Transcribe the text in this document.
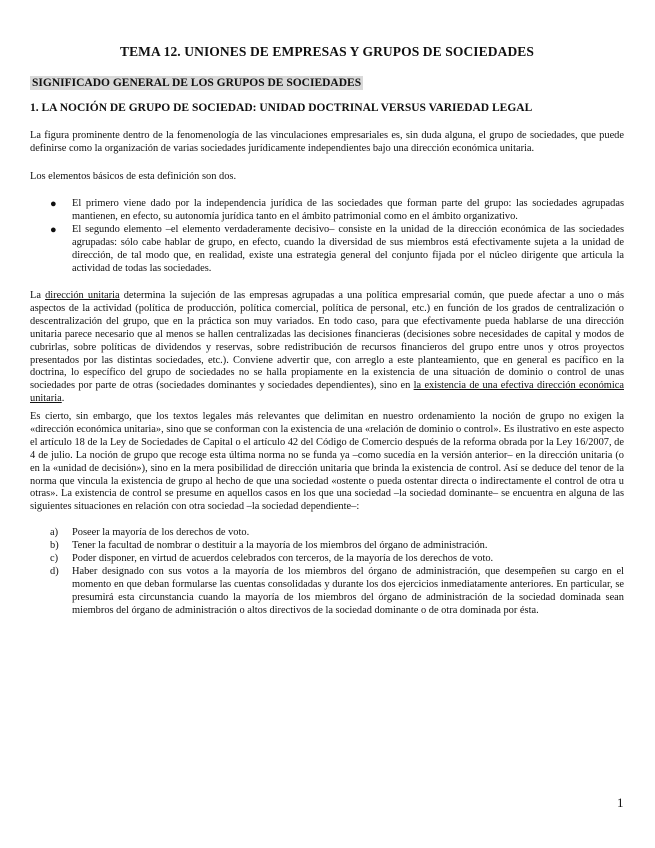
TEMA 12. UNIONES DE EMPRESAS Y GRUPOS DE SOCIEDADES
SIGNIFICADO GENERAL DE LOS GRUPOS DE SOCIEDADES
1. LA NOCIÓN DE GRUPO DE SOCIEDAD: UNIDAD DOCTRINAL VERSUS VARIEDAD LEGAL

La figura prominente dentro de la fenomenología de las vinculaciones empresariales es, sin duda alguna, el grupo de sociedades, que puede definirse como la organización de varias sociedades jurídicamente independientes bajo una dirección económica unitaria.

Los elementos básicos de esta definición son dos.

● El primero viene dado por la independencia jurídica de las sociedades que forman parte del grupo: las sociedades agrupadas mantienen, en efecto, su autonomía jurídica tanto en el ámbito patrimonial como en el ámbito organizativo.

● El segundo elemento –el elemento verdaderamente decisivo– consiste en la unidad de la dirección económica de las sociedades agrupadas: sólo cabe hablar de grupo, en efecto, cuando la diversidad de sus miembros está efectivamente sujeta a la unidad de dirección, de tal modo que, en realidad, existe una estrategia general del conjunto fijada por el núcleo dirigente que articula la actividad de todas las sociedades.

La dirección unitaria determina la sujeción de las empresas agrupadas a una política empresarial común, que puede afectar a uno o más aspectos de la actividad (política de producción, política comercial, política de personal, etc.) en función de los grados de centralización o descentralización del grupo, que en la práctica son muy variados. En todo caso, para que efectivamente pueda hablarse de una dirección unitaria parece necesario que al menos se hallen centralizadas las decisiones financieras (decisiones sobre necesidades de capital y modos de cubrirlas, sobre políticas de dividendos y reservas, sobre redistribución de recursos financieros del grupo entre unos y otros proyectos presentados por las distintas sociedades, etc.). Conviene advertir que, con arreglo a este planteamiento, que en general es pacífico en la doctrina, lo específico del grupo de sociedades no se halla propiamente en la existencia de una situación de dominio o control de unas sociedades por parte de otras (sociedades dominantes y sociedades dependientes), sino en la existencia de una efectiva dirección económica unitaria.

Es cierto, sin embargo, que los textos legales más relevantes que delimitan en nuestro ordenamiento la noción de grupo no exigen la «dirección económica unitaria», sino que se conforman con la existencia de una «relación de dominio o control». Es ilustrativo en este aspecto el artículo 18 de la Ley de Sociedades de Capital o el artículo 42 del Código de Comercio después de la reforma obrada por la Ley 16/2007, de 4 de julio. La noción de grupo que recoge esta última norma no se funda ya –como sucedía en la versión anterior– en la dirección unitaria (o en la «unidad de decisión»), sino en la mera posibilidad de dirección unitaria que brinda la existencia de control. Así se deduce del tenor de la norma que vincula la existencia de grupo al hecho de que una sociedad «ostente o pueda ostentar directa o indirectamente el control de otra u otras». La existencia de control se presume en aquellos casos en los que una sociedad –la sociedad dominante– se encuentra en alguna de las siguientes situaciones en relación con otra sociedad –la sociedad dependiente–:

a) Poseer la mayoría de los derechos de voto.

b) Tener la facultad de nombrar o destituir a la mayoría de los miembros del órgano de administración.

c) Poder disponer, en virtud de acuerdos celebrados con terceros, de la mayoría de los derechos de voto.

d) Haber designado con sus votos a la mayoría de los miembros del órgano de administración, que desempeñen su cargo en el momento en que deban formularse las cuentas consolidadas y durante los dos ejercicios inmediatamente anteriores. En particular, se presumirá esta circunstancia cuando la mayoría de los miembros del órgano de administración de la sociedad dominada sean miembros del órgano de administración o altos directivos de la sociedad dominante o de otra dominada por ésta.

1
